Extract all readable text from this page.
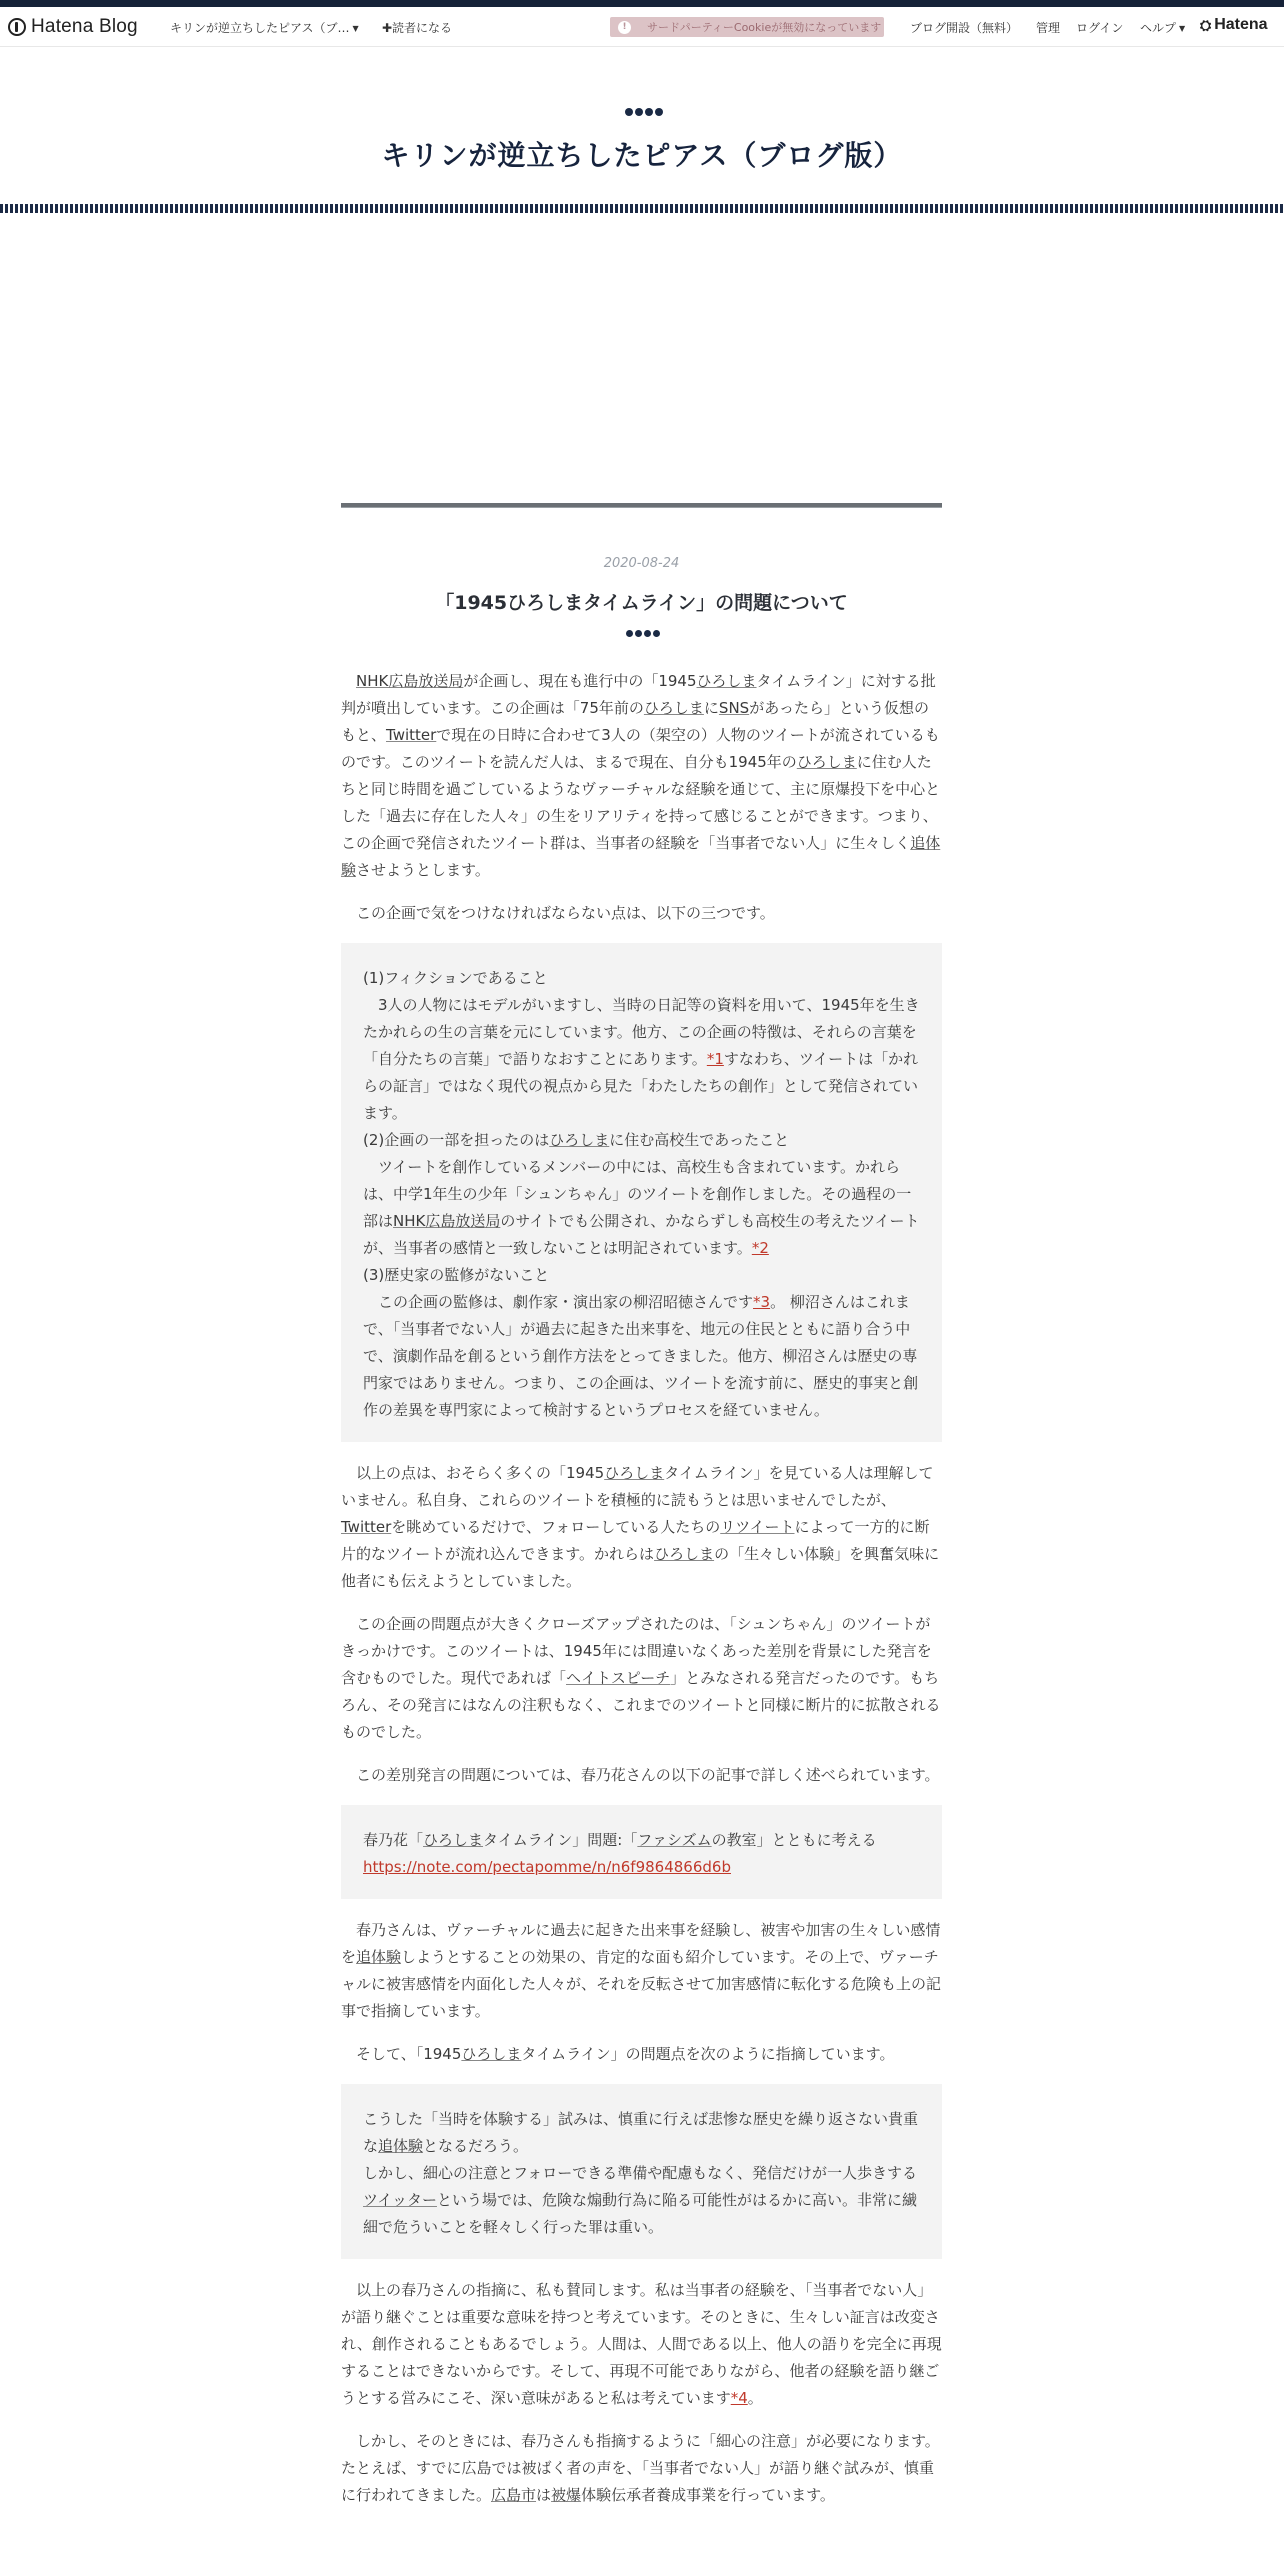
Hatena Blog	キリンが逆立ちしたピアス（ブ… ▼ ✚読者になる	!	サードパーティーCookieが無効になっています ブログ開設（無料） 管理 ログイン ヘルプ ▼ ⛭ Hatena
キリンが逆立ちしたピアス（ブログ版）
2020-08-24
「1945ひろしまタイムライン」の問題について

NHK広島放送局が企画し、現在も進行中の「1945ひろしまタイムライン」に対する批判が噴出しています。この企画は「75年前のひろしまにSNSがあったら」という仮想のもと、Twitterで現在の日時に合わせて3人の（架空の）人物のツイートが流されているものです。このツイートを読んだ人は、まるで現在、自分も1945年のひろしまに住む人たちと同じ時間を過ごしているようなヴァーチャルな経験を通じて、主に原爆投下を中心とした「過去に存在した人々」の生をリアリティを持って感じることができます。つまり、この企画で発信されたツイート群は、当事者の経験を「当事者でない人」に生々しく追体験させようとします。

この企画で気をつけなければならない点は、以下の三つです。

(1)フィクションであること

3人の人物にはモデルがいますし、当時の日記等の資料を用いて、1945年を生きたかれらの生の言葉を元にしています。他方、この企画の特徴は、それらの言葉を「自分たちの言葉」で語りなおすことにあります。*1すなわち、ツイートは「かれらの証言」ではなく現代の視点から見た「わたしたちの創作」として発信されています。

(2)企画の一部を担ったのはひろしまに住む高校生であったこと

ツイートを創作しているメンバーの中には、高校生も含まれています。かれらは、中学1年生の少年「シュンちゃん」のツイートを創作しました。その過程の一部はNHK広島放送局のサイトでも公開され、かならずしも高校生の考えたツイートが、当事者の感情と一致しないことは明記されています。*2

(3)歴史家の監修がないこと

この企画の監修は、劇作家・演出家の柳沼昭徳さんです*3。 柳沼さんはこれまで、「当事者でない人」が過去に起きた出来事を、地元の住民とともに語り合う中で、演劇作品を創るという創作方法をとってきました。他方、柳沼さんは歴史の専門家ではありません。つまり、この企画は、ツイートを流す前に、歴史的事実と創作の差異を専門家によって検討するというプロセスを経ていません。

以上の点は、おそらく多くの「1945ひろしまタイムライン」を見ている人は理解していません。私自身、これらのツイートを積極的に読もうとは思いませんでしたが、Twitterを眺めているだけで、フォローしている人たちのリツイートによって一方的に断片的なツイートが流れ込んできます。かれらはひろしまの「生々しい体験」を興奮気味に他者にも伝えようとしていました。

この企画の問題点が大きくクローズアップされたのは、「シュンちゃん」のツイートがきっかけです。このツイートは、1945年には間違いなくあった差別を背景にした発言を含むものでした。現代であれば「ヘイトスピーチ」とみなされる発言だったのです。もちろん、その発言にはなんの注釈もなく、これまでのツイートと同様に断片的に拡散されるものでした。

この差別発言の問題については、春乃花さんの以下の記事で詳しく述べられています。

春乃花「ひろしまタイムライン」問題:「ファシズムの教室」とともに考える

https://note.com/pectapomme/n/n6f9864866d6b

春乃さんは、ヴァーチャルに過去に起きた出来事を経験し、被害や加害の生々しい感情を追体験しようとすることの効果の、肯定的な面も紹介しています。その上で、ヴァーチャルに被害感情を内面化した人々が、それを反転させて加害感情に転化する危険も上の記事で指摘しています。

そして、「1945ひろしまタイムライン」の問題点を次のように指摘しています。

こうした「当時を体験する」試みは、慎重に行えば悲惨な歴史を繰り返さない貴重な追体験となるだろう。

しかし、細心の注意とフォローできる準備や配慮もなく、発信だけが一人歩きするツイッターという場では、危険な煽動行為に陥る可能性がはるかに高い。非常に繊細で危ういことを軽々しく行った罪は重い。

以上の春乃さんの指摘に、私も賛同します。私は当事者の経験を、「当事者でない人」が語り継ぐことは重要な意味を持つと考えています。そのときに、生々しい証言は改変され、創作されることもあるでしょう。人間は、人間である以上、他人の語りを完全に再現することはできないからです。そして、再現不可能でありながら、他者の経験を語り継ごうとする営みにこそ、深い意味があると私は考えています*4。

しかし、そのときには、春乃さんも指摘するように「細心の注意」が必要になります。たとえば、すでに広島では被ばく者の声を、「当事者でない人」が語り継ぐ試みが、慎重に行われてきました。広島市は被爆体験伝承者養成事業を行っています。
